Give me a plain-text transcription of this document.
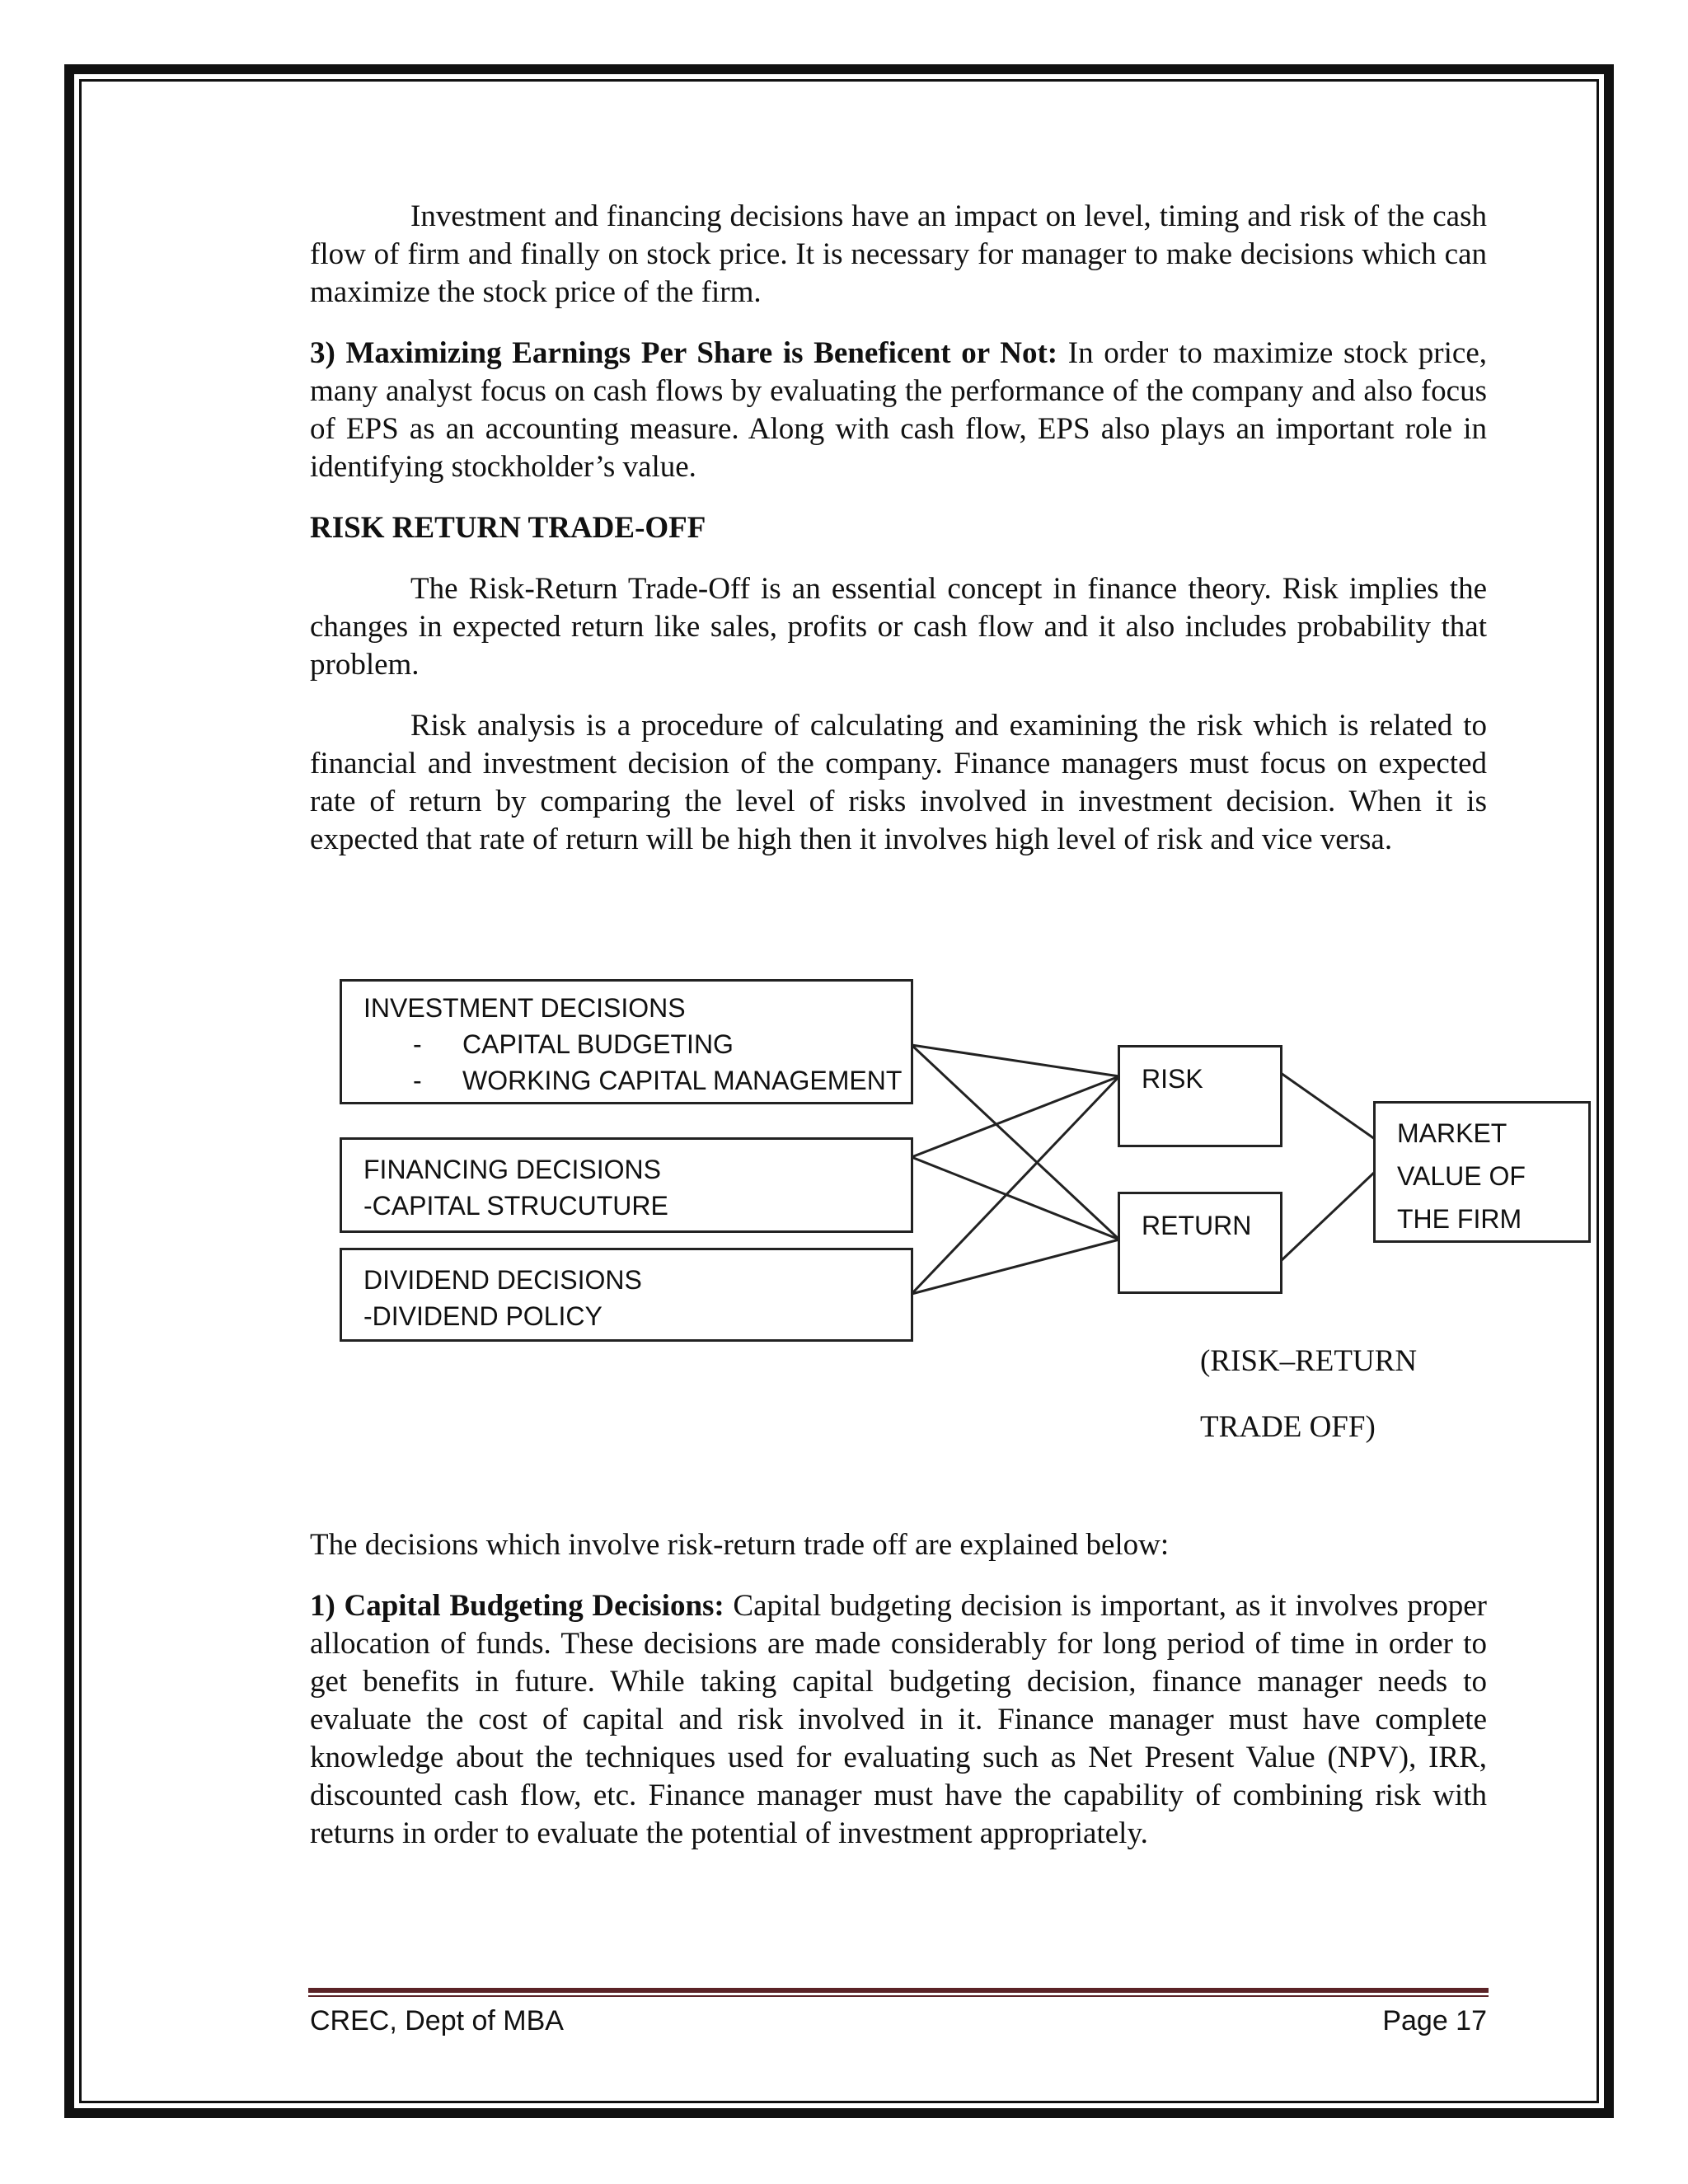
Investment and financing decisions have an impact on level, timing and risk of the cash flow of firm and finally on stock price. It is necessary for manager to make decisions which can maximize the stock price of the firm.

3) Maximizing Earnings Per Share is Beneficent or Not: In order to maximize stock price, many analyst focus on cash flows by evaluating the performance of the company and also focus of EPS as an accounting measure. Along with cash flow, EPS also plays an important role in identifying stockholder’s value.

RISK RETURN TRADE-OFF

The Risk-Return Trade-Off is an essential concept in finance theory. Risk implies the changes in expected return like sales, profits or cash flow and it also includes probability that problem.

Risk analysis is a procedure of calculating and examining the risk which is related to financial and investment decision of the company. Finance managers must focus on expected rate of return by comparing the level of risks involved in investment decision. When it is expected that rate of return will be high then it involves high level of risk and vice versa.

INVESTMENT DECISIONS
- CAPITAL BUDGETING
- WORKING CAPITAL MANAGEMENT
FINANCING DECISIONS
-CAPITAL STRUCUTURE
DIVIDEND DECISIONS
-DIVIDEND POLICY
RISK
RETURN
MARKET
VALUE OF
THE FIRM
(RISK–RETURN
TRADE OFF)

The decisions which involve risk-return trade off are explained below:

1) Capital Budgeting Decisions: Capital budgeting decision is important, as it involves proper allocation of funds. These decisions are made considerably for long period of time in order to get benefits in future. While taking capital budgeting decision, finance manager needs to evaluate the cost of capital and risk involved in it. Finance manager must have complete knowledge about the techniques used for evaluating such as Net Present Value (NPV), IRR, discounted cash flow, etc. Finance manager must have the capability of combining risk with returns in order to evaluate the potential of investment appropriately.

CREC, Dept of MBA	Page 17
